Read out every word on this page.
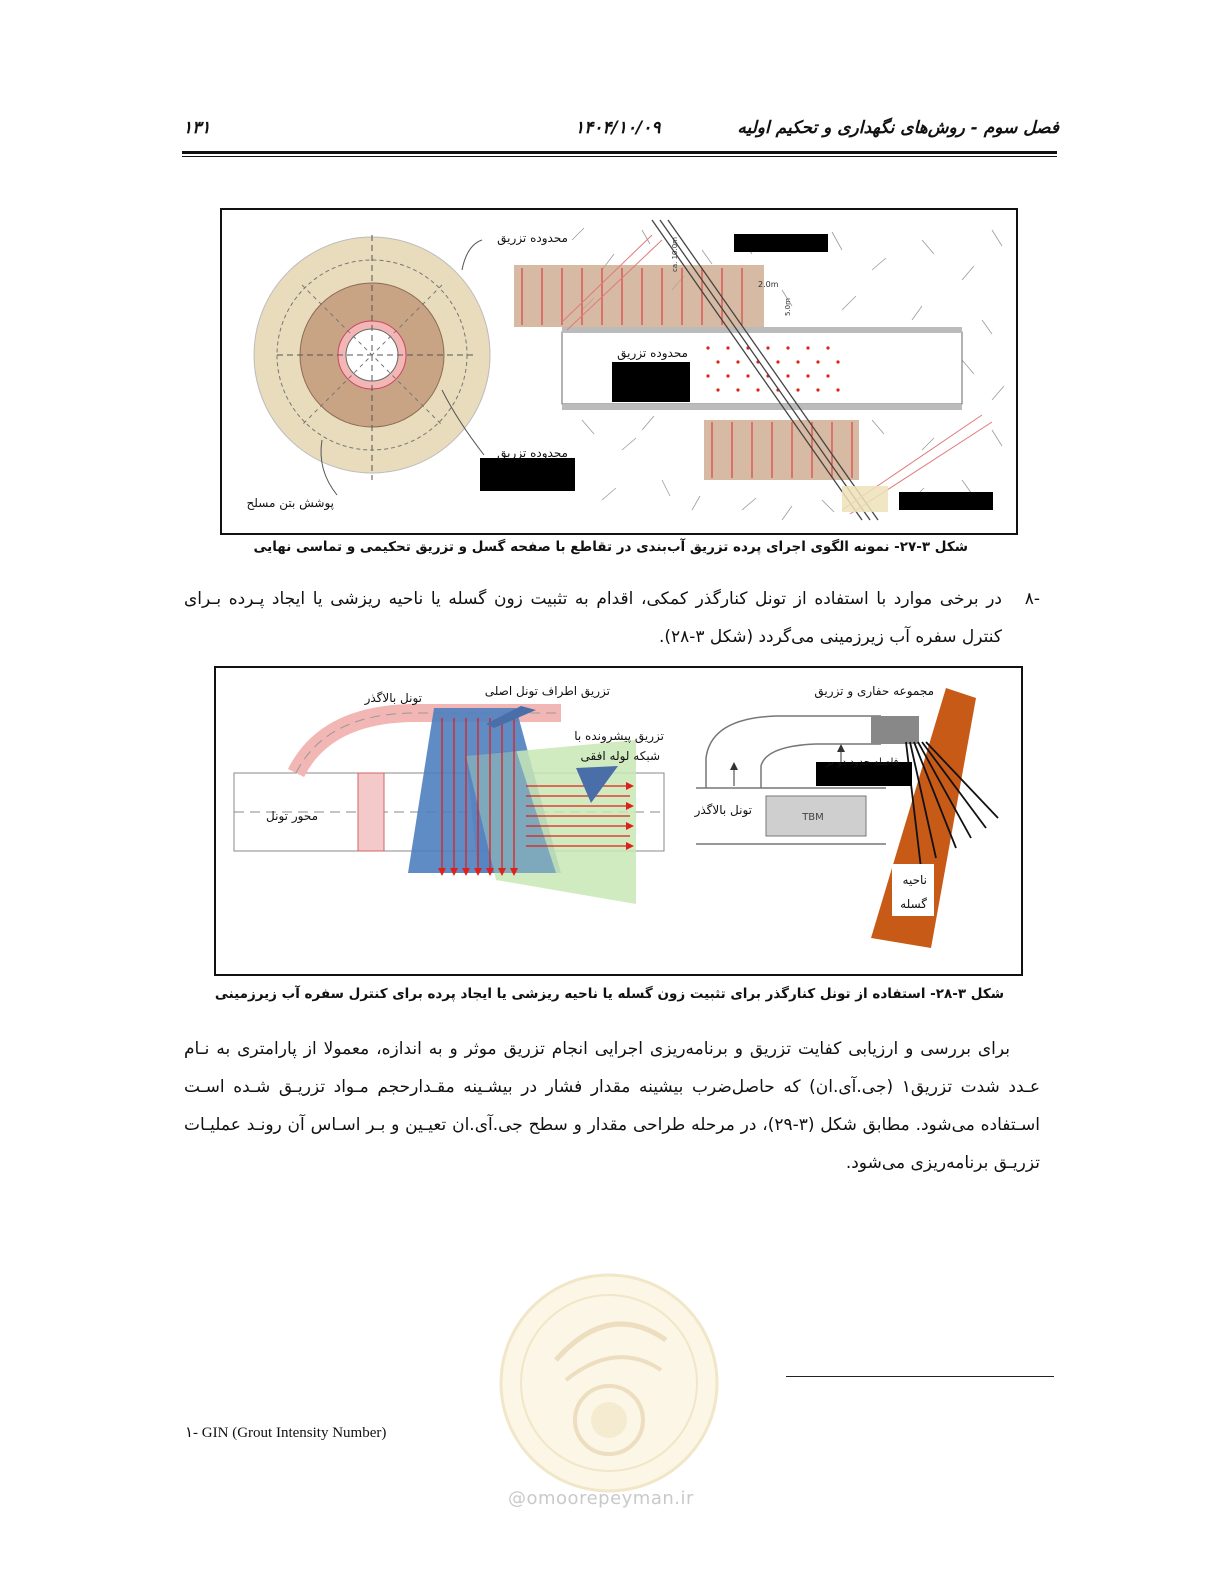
فصل سوم - روش‌های نگهداری و تحکیم اولیه
۱۴۰۴/۱۰/۰۹
۱۳۱
محدوده تزریق
محدوده تزریق
محدوده تزریق
پوشش بتن مسلح
ca. 10.0m
2.0m
5.0m
شکل ۳-۲۷- نمونه الگوی اجرای پرده تزریق آب‌بندی در تقاطع با صفحه گسل و تزریق تحکیمی و تماسی نهایی
-۸
در برخی موارد با استفاده از تونل کنارگذر کمکی، اقدام به تثبیت زون گسله یا ناحیه ریزشی یا ایجاد پـرده بـرای کنترل سفره آب زیرزمینی می‌گردد (شکل ۳-۲۸).
تونل بالاگذر	تزریق اطراف تونل اصلی
تزریق پیشرونده با
شبکه لوله افقی
محور تونل
مجموعه حفاری و تزریق
تونل بالاگذر
فاصله حدود دو بر
TBM
ناحیه
گسله
شکل ۳-۲۸- استفاده از تونل کنارگذر برای تثبیت زون گسله یا ناحیه ریزشی یا ایجاد پرده برای کنترل سفره آب زیرزمینی
برای بررسی و ارزیابی کفایت تزریق و برنامه‌ریزی اجرایی انجام تزریق موثر و به اندازه، معمولا از پارامتری به نـام عـدد شدت تزریق۱ (جی.آی.ان) که حاصل‌ضرب بیشینه مقدار فشار در بیشـینه مقـدارحجم مـواد تزریـق شـده اسـت اسـتفاده می‌شود. مطابق شکل (۳-۲۹)، در مرحله طراحی مقدار و سطح جی.آی.ان تعیـین و بـر اسـاس آن رونـد عملیـات تزریـق برنامه‌ریزی می‌شود.
@omoorepeyman.ir
۱- GIN (Grout Intensity Number)
